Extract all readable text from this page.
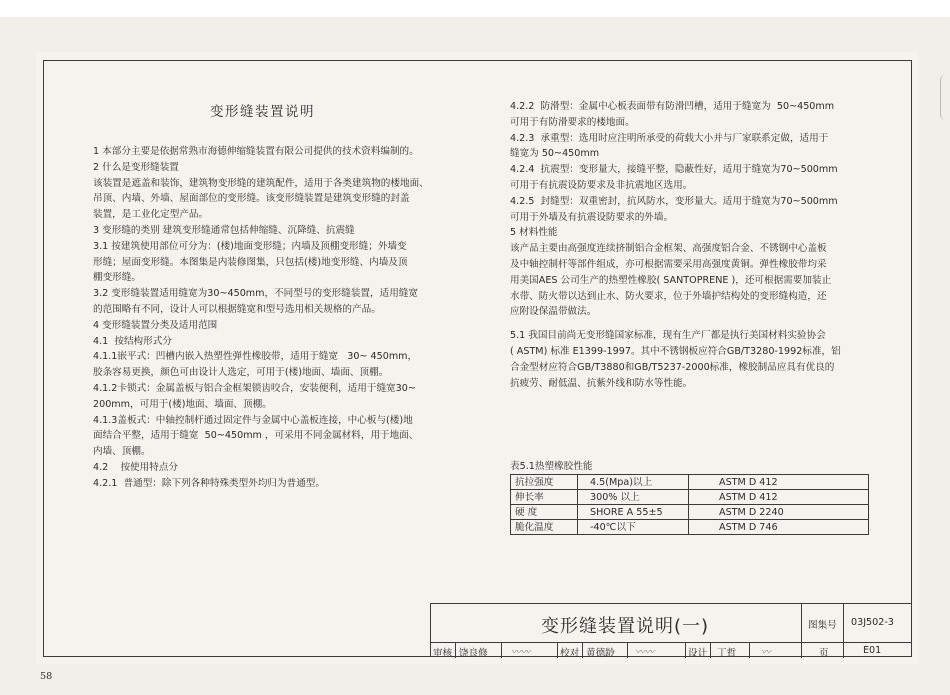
变形缝装置说明

1 本部分主要是依据常熟市海德伸缩缝装置有限公司提供的技术资料编制的。

2 什么是变形缝装置

该装置是遮盖和装饰，建筑物变形缝的建筑配件，适用于各类建筑物的楼地面、

吊顶、内墙、外墙、屋面部位的变形缝。该变形缝装置是建筑变形缝的封盖

装置，是工业化定型产品。

3 变形缝的类别 建筑变形缝通常包括伸缩缝、沉降缝、抗震缝

3.1 按建筑使用部位可分为：(楼)地面变形缝；内墙及顶棚变形缝；外墙变

形缝；屋面变形缝。本图集是内装修图集，只包括(楼)地变形缝、内墙及顶

棚变形缝。

3.2 变形缝装置适用缝宽为30~450mm，不同型号的变形缝装置，适用缝宽

的范围略有不同，设计人可以根据缝宽和型号选用相关规格的产品。

4 变形缝装置分类及适用范围

4.1  按结构形式分

4.1.1嵌平式：凹槽内嵌入热塑性弹性橡胶带，适用于缝宽   30~ 450mm，

胶条容易更换，颜色可由设计人选定，可用于(楼)地面、墙面、顶棚。

4.1.2卡锁式：金属盖板与铝合金框架锁齿咬合，安装便利，适用于缝宽30~

200mm，可用于(楼)地面、墙面、顶棚。

4.1.3盖板式：中轴控制杆通过固定件与金属中心盖板连接，中心板与(楼)地

面结合平整，适用于缝宽  50~450mm ，可采用不同金属材料，用于地面、

内墙、顶棚。

4.2    按使用特点分

4.2.1  普通型：除下列各种特殊类型外均归为普通型。

4.2.2  防滑型：金属中心板表面带有防滑凹槽，适用于缝宽为  50~450mm

可用于有防滑要求的楼地面。

4.2.3  承重型：选用时应注明所承受的荷载大小并与厂家联系定做，适用于

缝宽为 50~450mm

4.2.4  抗震型：变形量大，接缝平整，隐蔽性好，适用于缝宽为70~500mm

可用于有抗震设防要求及非抗震地区选用。

4.2.5  封缝型：双重密封，抗风防水，变形量大。适用于缝宽为70~500mm

可用于外墙及有抗震设防要求的外墙。

5 材料性能

该产品主要由高强度连续挤制铝合金框架、高强度铝合金、不锈钢中心盖板

及中轴控制杆等部件组成，亦可根据需要采用高强度黄铜。弹性橡胶带均采

用美国AES 公司生产的热塑性橡胶( SANTOPRENE )，还可根据需要加装止

水带、防火带以达到止水、防火要求，位于外墙护结构处的变形缝构造，还

应附设保温带做法。

5.1 我国目前尚无变形缝国家标准，现有生产厂都是执行美国材料实验协会

( ASTM) 标准 E1399-1997。其中不锈钢板应符合GB/T3280-1992标准，铝

合金型材应符合GB/T3880和GB/T5237-2000标准，橡胶制品应具有优良的

抗疲劳、耐低温、抗紫外线和防水等性能。

表5.1热塑橡胶性能
抗拉强度	4.5(Mpa)以上	ASTM D 412
伸长率	300% 以上	ASTM D 412
硬 度	SHORE A 55±5	ASTM D 2240
脆化温度	-40℃以下	ASTM D 746
变形缝装置说明(一)	图集号 03J502-3
审核 饶良修 〰〰	校对 黄德龄 〰〰	设计 丁哲	〰	页	E01
58
